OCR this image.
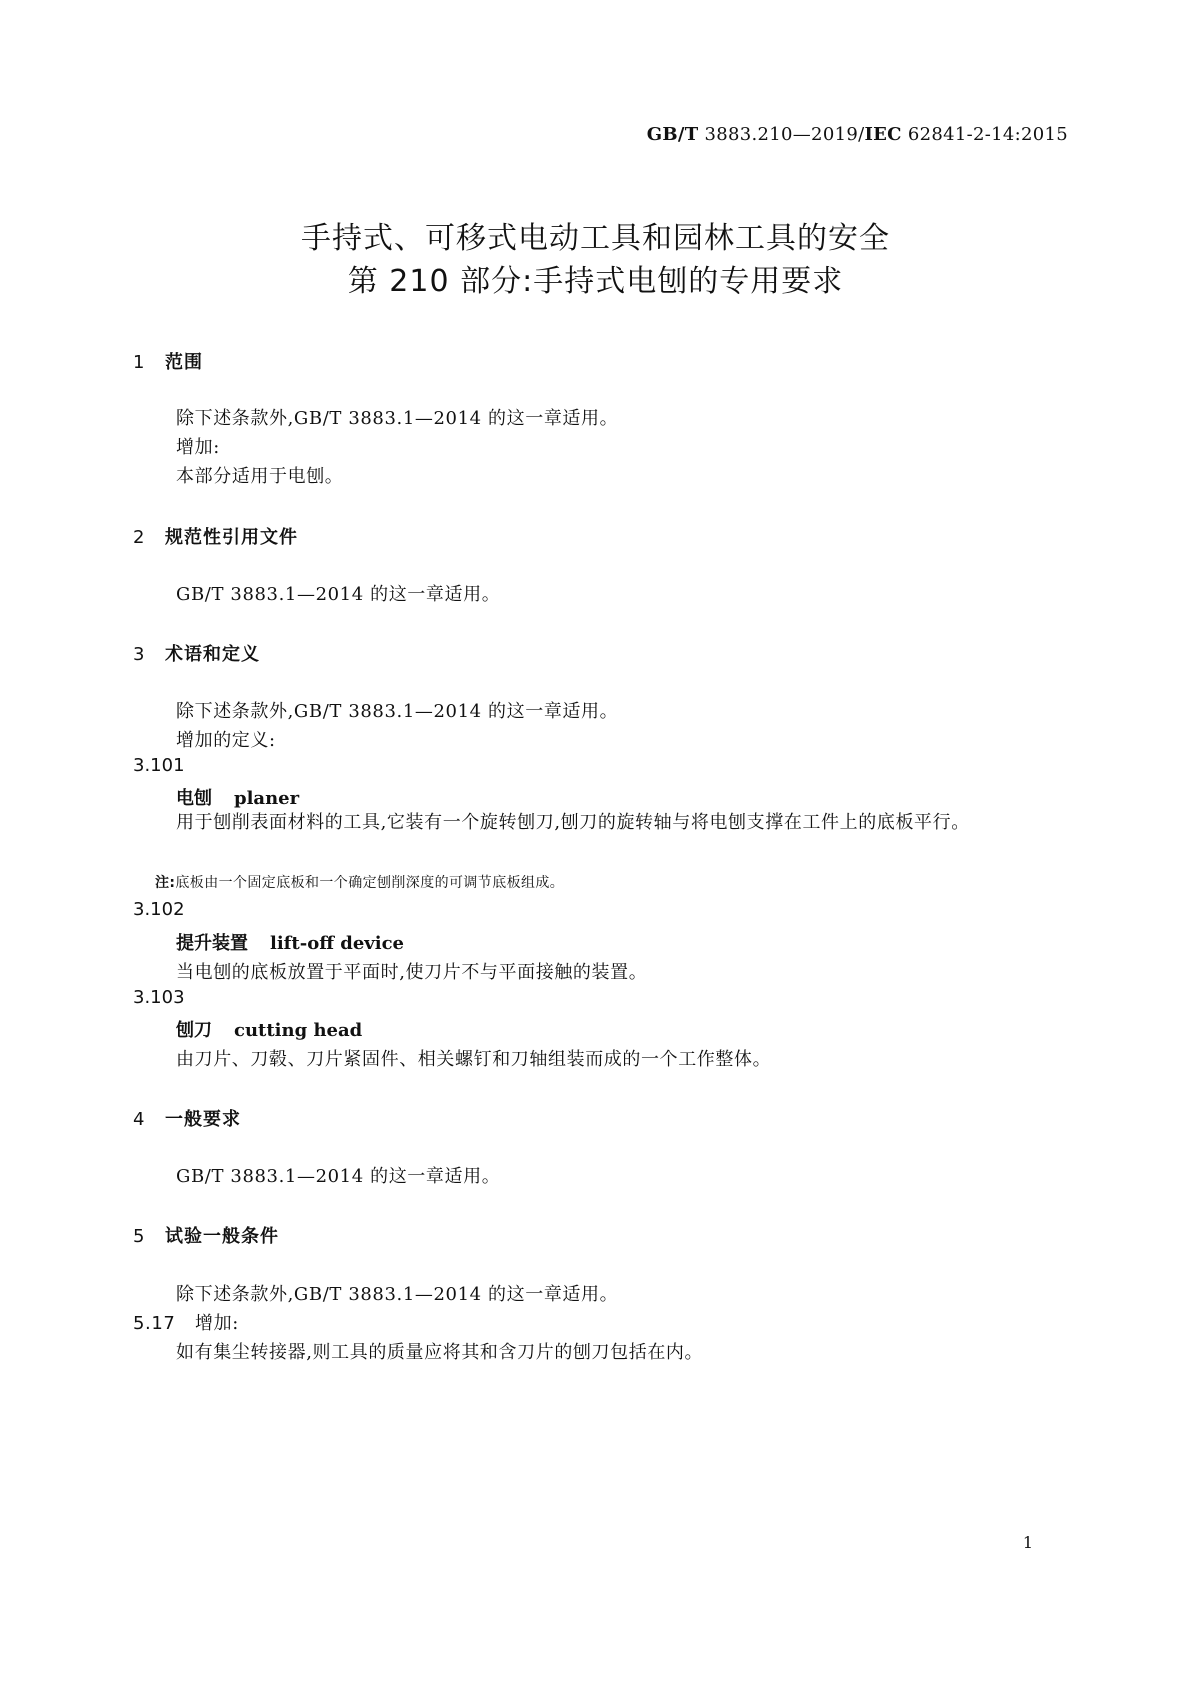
GB/T 3883.210—2019/IEC 62841-2-14:2015
手持式、可移式电动工具和园林工具的安全
第 210 部分:手持式电刨的专用要求
1 范围
除下述条款外,GB/T 3883.1—2014 的这一章适用。
增加:
本部分适用于电刨。
2 规范性引用文件
GB/T 3883.1—2014 的这一章适用。
3 术语和定义
除下述条款外,GB/T 3883.1—2014 的这一章适用。
增加的定义:
3.101
电刨 planer
用于刨削表面材料的工具,它装有一个旋转刨刀,刨刀的旋转轴与将电刨支撑在工件上的底板平行。
注:底板由一个固定底板和一个确定刨削深度的可调节底板组成。
3.102
提升装置 lift-off device
当电刨的底板放置于平面时,使刀片不与平面接触的装置。
3.103
刨刀 cutting head
由刀片、刀毂、刀片紧固件、相关螺钉和刀轴组装而成的一个工作整体。
4 一般要求
GB/T 3883.1—2014 的这一章适用。
5 试验一般条件
除下述条款外,GB/T 3883.1—2014 的这一章适用。
5.17 增加:
如有集尘转接器,则工具的质量应将其和含刀片的刨刀包括在内。
1
